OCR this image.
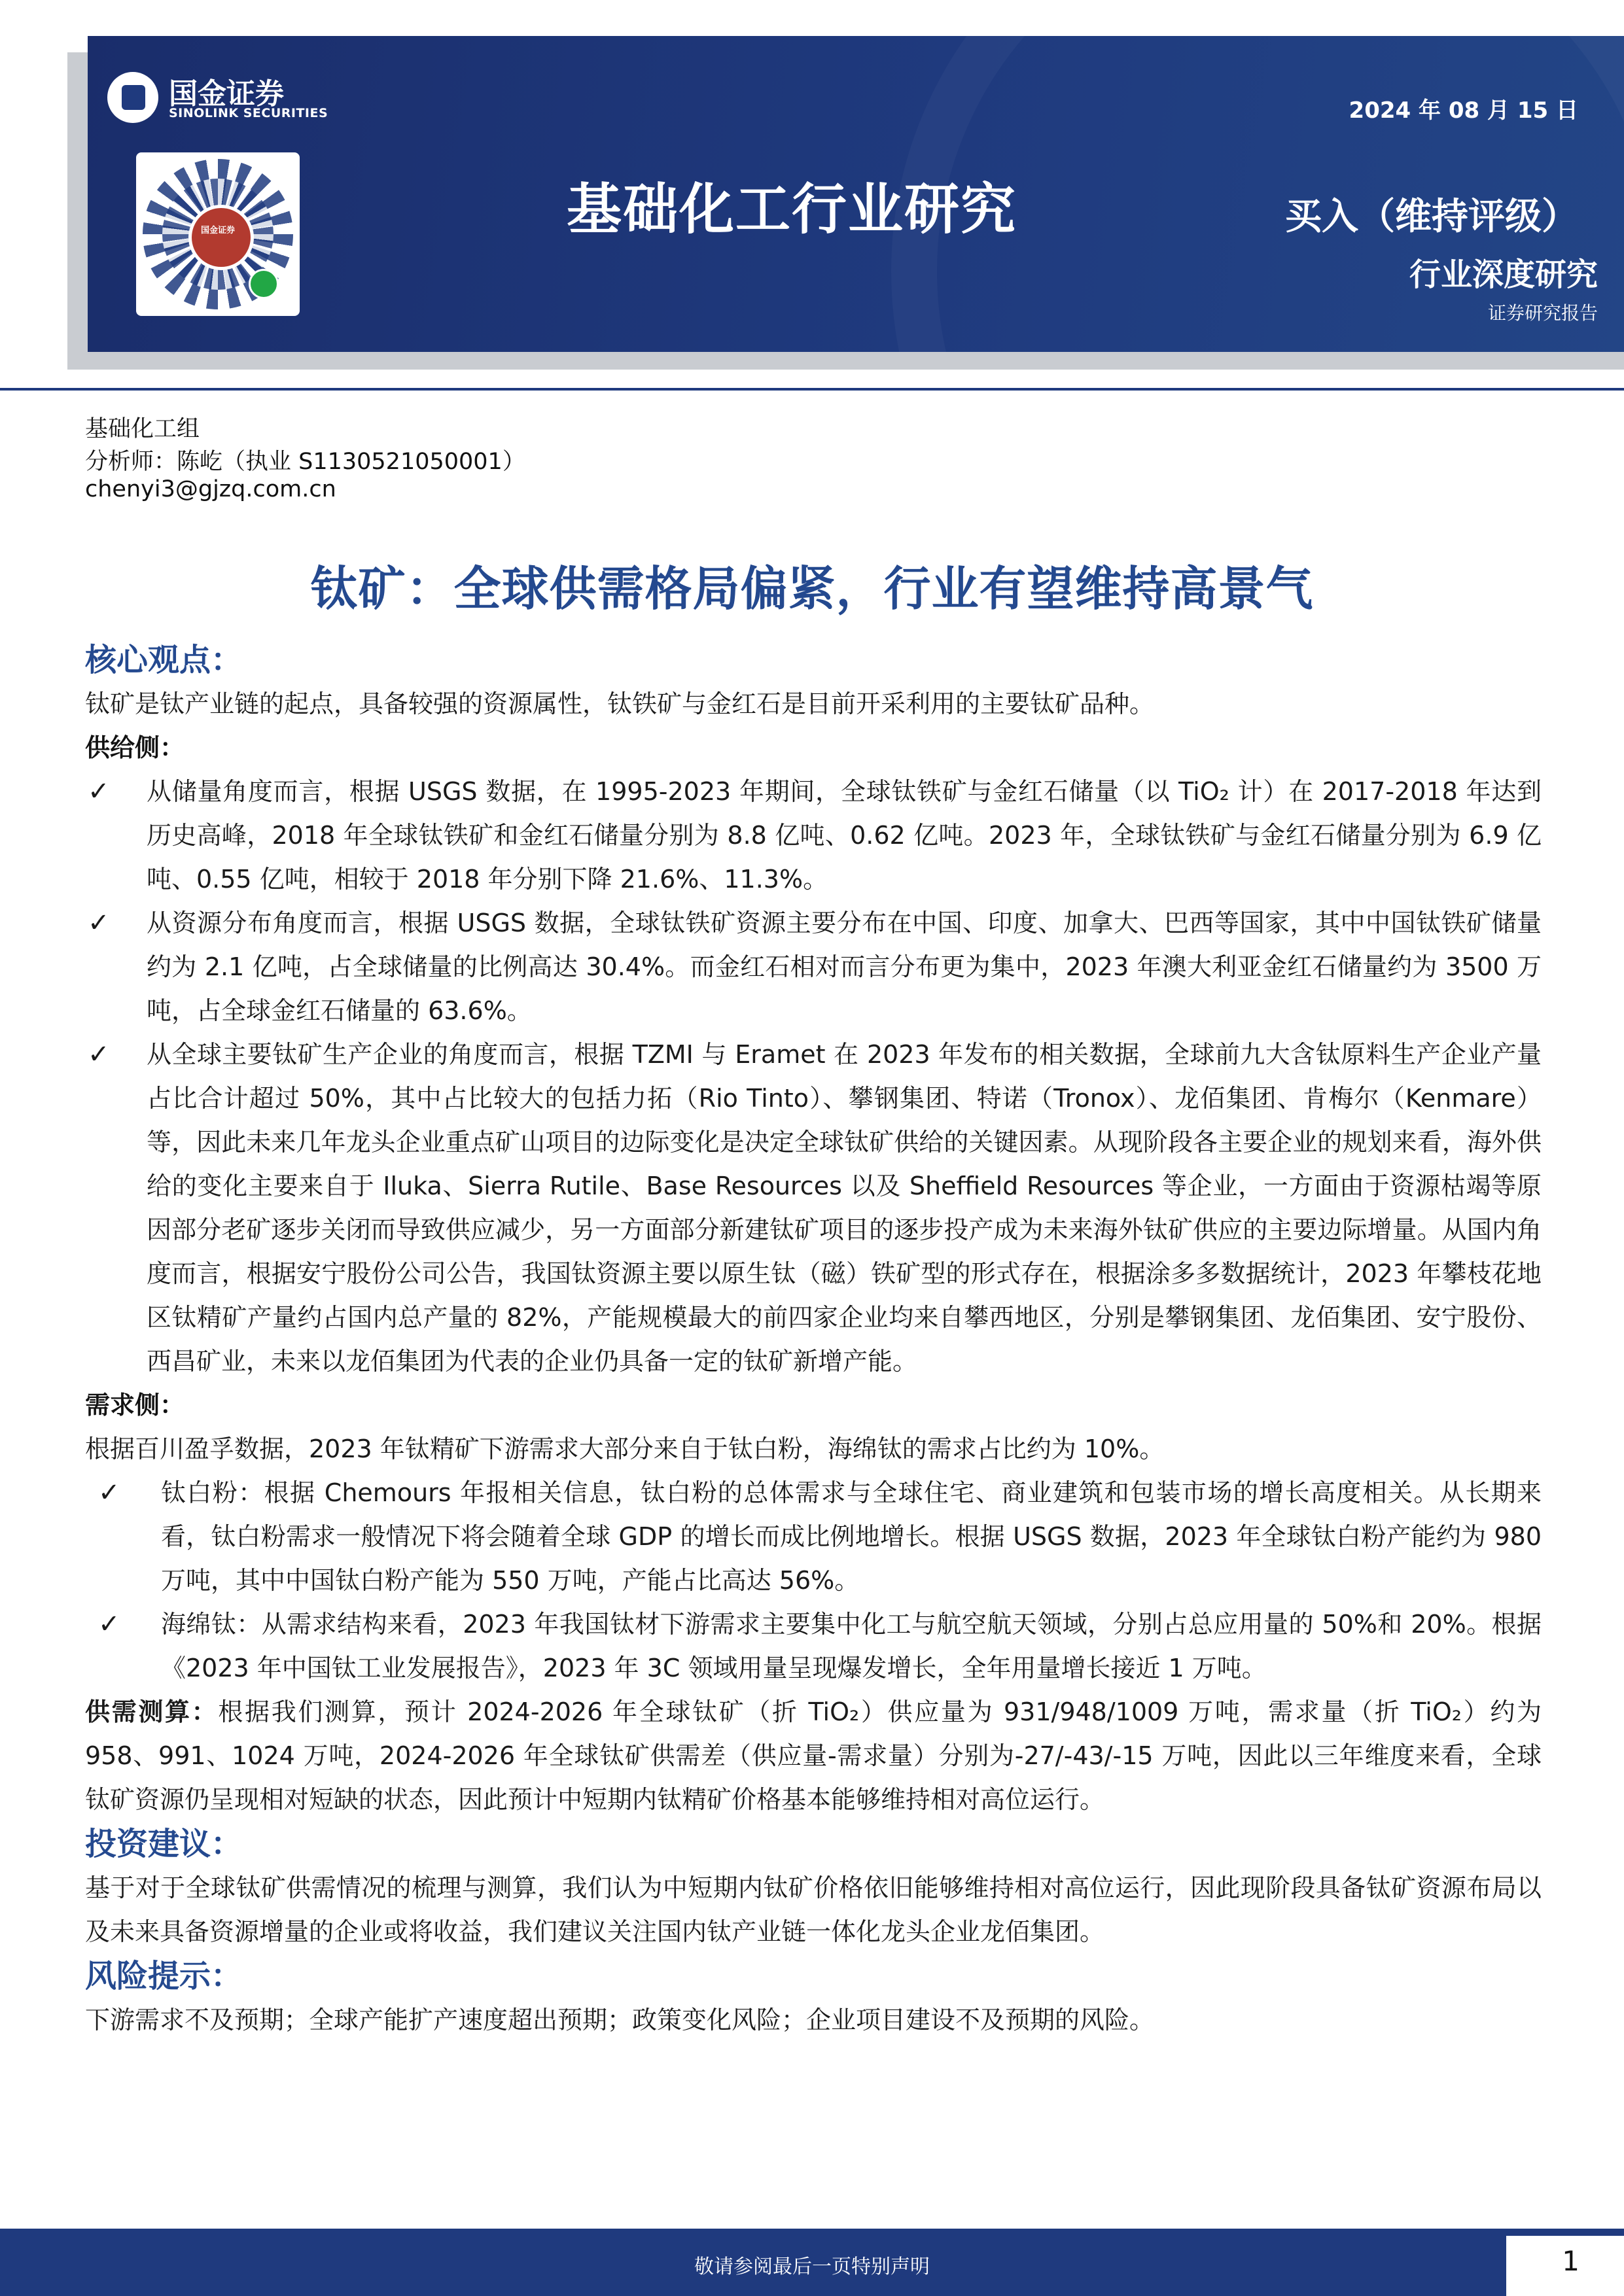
国金证券
SINOLINK SECURITIES
国金证券
2024 年 08 月 15 日
基础化工行业研究	买入（维持评级）
行业深度研究
证券研究报告
基础化工组
分析师：陈屹（执业 S1130521050001）
chenyi3@gjzq.com.cn
钛矿：全球供需格局偏紧，行业有望维持高景气

核心观点：

钛矿是钛产业链的起点，具备较强的资源属性，钛铁矿与金红石是目前开采利用的主要钛矿品种。

供给侧：

✓ 从储量角度而言，根据 USGS 数据，在 1995-2023 年期间，全球钛铁矿与金红石储量（以 TiO₂ 计）在 2017-2018 年达到历史高峰，2018 年全球钛铁矿和金红石储量分别为 8.8 亿吨、0.62 亿吨。2023 年，全球钛铁矿与金红石储量分别为 6.9 亿吨、0.55 亿吨，相较于 2018 年分别下降 21.6%、11.3%。

✓ 从资源分布角度而言，根据 USGS 数据，全球钛铁矿资源主要分布在中国、印度、加拿大、巴西等国家，其中中国钛铁矿储量约为 2.1 亿吨，占全球储量的比例高达 30.4%。而金红石相对而言分布更为集中，2023 年澳大利亚金红石储量约为 3500 万吨，占全球金红石储量的 63.6%。

✓ 从全球主要钛矿生产企业的角度而言，根据 TZMI 与 Eramet 在 2023 年发布的相关数据，全球前九大含钛原料生产企业产量占比合计超过 50%，其中占比较大的包括力拓（Rio Tinto）、攀钢集团、特诺（Tronox）、龙佰集团、肯梅尔（Kenmare）等，因此未来几年龙头企业重点矿山项目的边际变化是决定全球钛矿供给的关键因素。从现阶段各主要企业的规划来看，海外供给的变化主要来自于 Iluka、Sierra Rutile、Base Resources 以及 Sheffield Resources 等企业，一方面由于资源枯竭等原因部分老矿逐步关闭而导致供应减少，另一方面部分新建钛矿项目的逐步投产成为未来海外钛矿供应的主要边际增量。从国内角度而言，根据安宁股份公司公告，我国钛资源主要以原生钛（磁）铁矿型的形式存在，根据涂多多数据统计，2023 年攀枝花地区钛精矿产量约占国内总产量的 82%，产能规模最大的前四家企业均来自攀西地区，分别是攀钢集团、龙佰集团、安宁股份、西昌矿业，未来以龙佰集团为代表的企业仍具备一定的钛矿新增产能。

需求侧：

根据百川盈孚数据，2023 年钛精矿下游需求大部分来自于钛白粉，海绵钛的需求占比约为 10%。

✓ 钛白粉：根据 Chemours 年报相关信息，钛白粉的总体需求与全球住宅、商业建筑和包装市场的增长高度相关。从长期来看，钛白粉需求一般情况下将会随着全球 GDP 的增长而成比例地增长。根据 USGS 数据，2023 年全球钛白粉产能约为 980 万吨，其中中国钛白粉产能为 550 万吨，产能占比高达 56%。

✓ 海绵钛：从需求结构来看，2023 年我国钛材下游需求主要集中化工与航空航天领域，分别占总应用量的 50%和 20%。根据《2023 年中国钛工业发展报告》，2023 年 3C 领域用量呈现爆发增长，全年用量增长接近 1 万吨。

供需测算：根据我们测算，预计 2024-2026 年全球钛矿（折 TiO₂）供应量为 931/948/1009 万吨，需求量（折 TiO₂）约为 958、991、1024 万吨，2024-2026 年全球钛矿供需差（供应量-需求量）分别为-27/-43/-15 万吨，因此以三年维度来看，全球钛矿资源仍呈现相对短缺的状态，因此预计中短期内钛精矿价格基本能够维持相对高位运行。

投资建议：

基于对于全球钛矿供需情况的梳理与测算，我们认为中短期内钛矿价格依旧能够维持相对高位运行，因此现阶段具备钛矿资源布局以及未来具备资源增量的企业或将收益，我们建议关注国内钛产业链一体化龙头企业龙佰集团。

风险提示：

下游需求不及预期；全球产能扩产速度超出预期；政策变化风险；企业项目建设不及预期的风险。

敬请参阅最后一页特别声明	1
